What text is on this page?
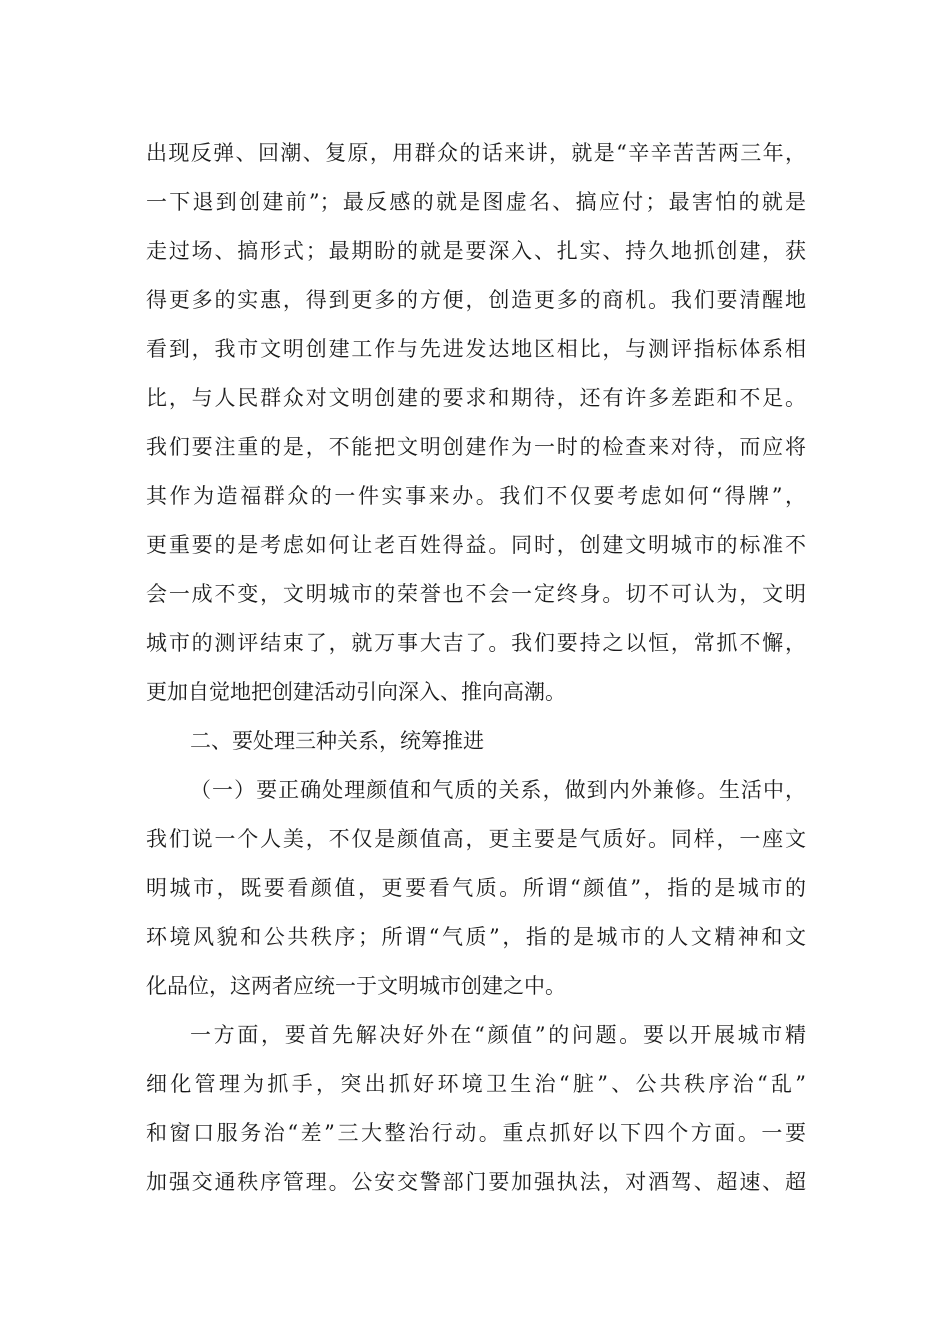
出现反弹、回潮、复原，用群众的话来讲，就是“辛辛苦苦两三年，
一下退到创建前”；最反感的就是图虚名、搞应付；最害怕的就是
走过场、搞形式；最期盼的就是要深入、扎实、持久地抓创建，获
得更多的实惠，得到更多的方便，创造更多的商机。我们要清醒地
看到，我市文明创建工作与先进发达地区相比，与测评指标体系相
比，与人民群众对文明创建的要求和期待，还有许多差距和不足。
我们要注重的是，不能把文明创建作为一时的检查来对待，而应将
其作为造福群众的一件实事来办。我们不仅要考虑如何“得牌”，
更重要的是考虑如何让老百姓得益。同时，创建文明城市的标准不
会一成不变，文明城市的荣誉也不会一定终身。切不可认为，文明
城市的测评结束了，就万事大吉了。我们要持之以恒，常抓不懈，
更加自觉地把创建活动引向深入、推向高潮。
二、要处理三种关系，统筹推进
（一）要正确处理颜值和气质的关系，做到内外兼修。生活中，
我们说一个人美，不仅是颜值高，更主要是气质好。同样，一座文
明城市，既要看颜值，更要看气质。所谓“颜值”，指的是城市的
环境风貌和公共秩序；所谓“气质”，指的是城市的人文精神和文
化品位，这两者应统一于文明城市创建之中。
一方面，要首先解决好外在“颜值”的问题。要以开展城市精
细化管理为抓手，突出抓好环境卫生治“脏”、公共秩序治“乱”
和窗口服务治“差”三大整治行动。重点抓好以下四个方面。一要
加强交通秩序管理。公安交警部门要加强执法，对酒驾、超速、超
